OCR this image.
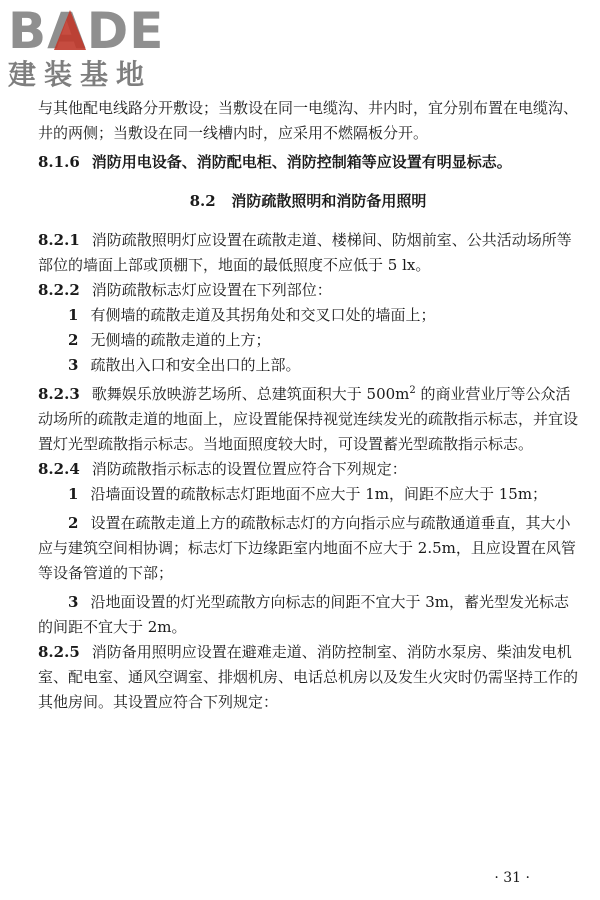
BADE
建装基地

与其他配电线路分开敷设；当敷设在同一电缆沟、井内时，宜分别布置在电缆沟、井的两侧；当敷设在同一线槽内时，应采用不燃隔板分开。

8.1.6 消防用电设备、消防配电柜、消防控制箱等应设置有明显标志。

8.2 消防疏散照明和消防备用照明

8.2.1 消防疏散照明灯应设置在疏散走道、楼梯间、防烟前室、公共活动场所等部位的墙面上部或顶棚下，地面的最低照度不应低于 5 lx。

8.2.2 消防疏散标志灯应设置在下列部位：

1 有侧墙的疏散走道及其拐角处和交叉口处的墙面上；

2 无侧墙的疏散走道的上方；

3 疏散出入口和安全出口的上部。

8.2.3 歌舞娱乐放映游艺场所、总建筑面积大于 $500m^2$ 的商业营业厅等公众活动场所的疏散走道的地面上，应设置能保持视觉连续发光的疏散指示标志，并宜设置灯光型疏散指示标志。当地面照度较大时，可设置蓄光型疏散指示标志。

8.2.4 消防疏散指示标志的设置位置应符合下列规定：

1 沿墙面设置的疏散标志灯距地面不应大于 1m，间距不应大于 15m；

2 设置在疏散走道上方的疏散标志灯的方向指示应与疏散通道垂直，其大小应与建筑空间相协调；标志灯下边缘距室内地面不应大于 2.5m，且应设置在风管等设备管道的下部；

3 沿地面设置的灯光型疏散方向标志的间距不宜大于 3m，蓄光型发光标志的间距不宜大于 2m。

8.2.5 消防备用照明应设置在避难走道、消防控制室、消防水泵房、柴油发电机室、配电室、通风空调室、排烟机房、电话总机房以及发生火灾时仍需坚持工作的其他房间。其设置应符合下列规定：

· 31 ·
